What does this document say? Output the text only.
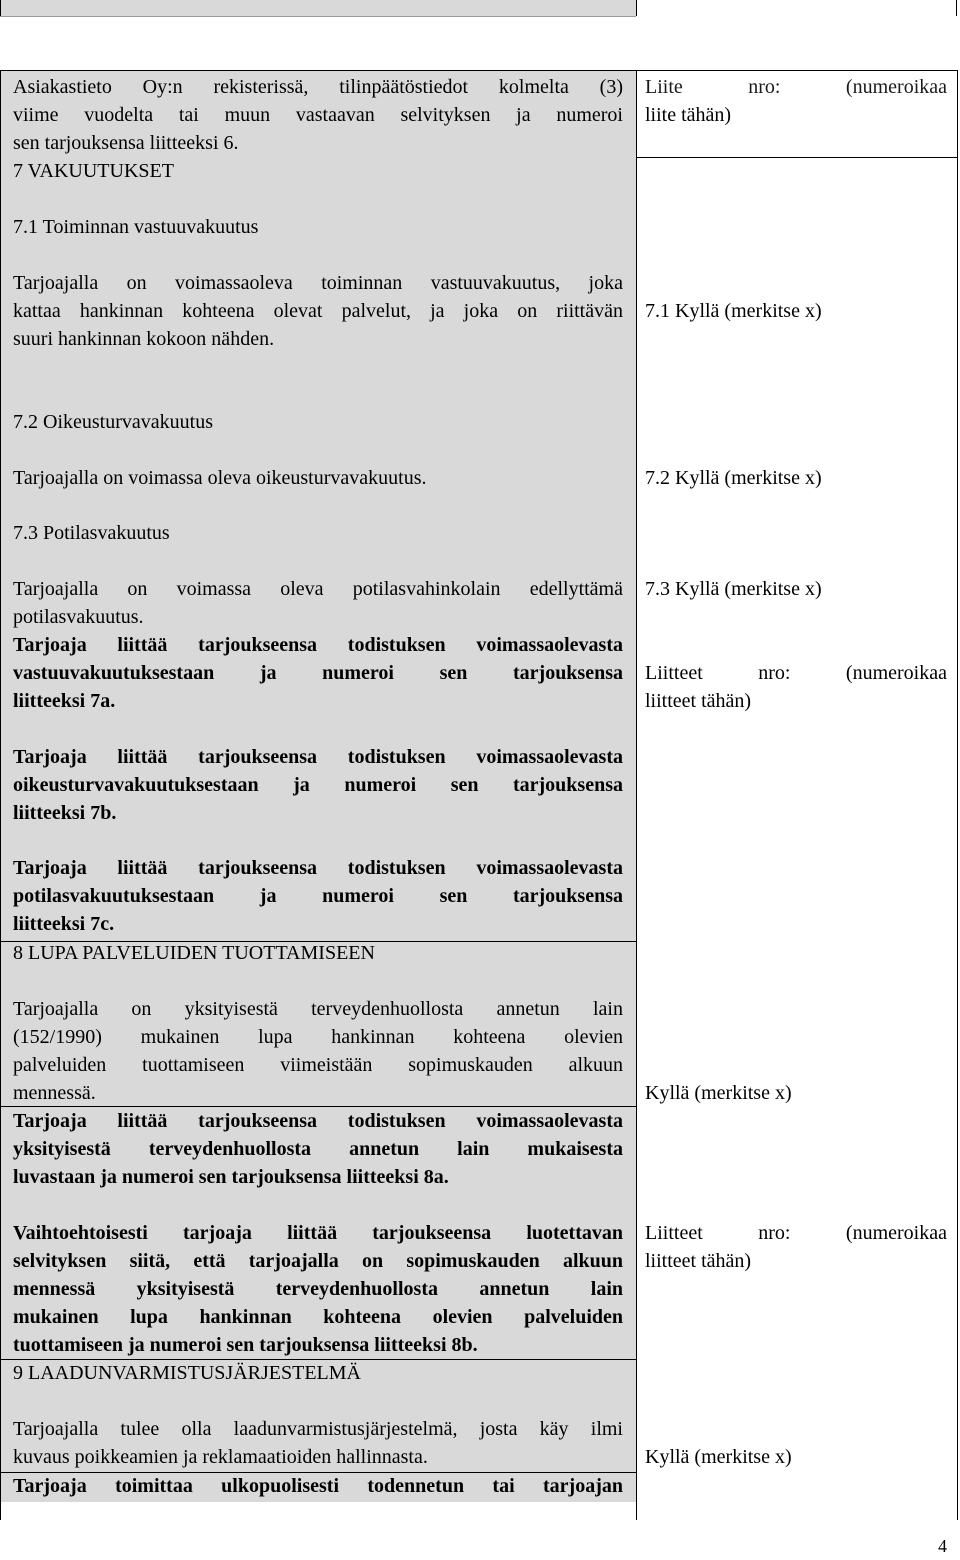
Asiakastieto Oy:n rekisterissä, tilinpäätöstiedot kolmelta (3)
viime vuodelta tai muun vastaavan selvityksen ja numeroi
sen tarjouksensa liitteeksi 6.
7 VAKUUTUKSET
7.1 Toiminnan vastuuvakuutus
Tarjoajalla on voimassaoleva toiminnan vastuuvakuutus, joka
kattaa hankinnan kohteena olevat palvelut, ja joka on riittävän
suuri hankinnan kokoon nähden.
7.2 Oikeusturvavakuutus
Tarjoajalla on voimassa oleva oikeusturvavakuutus.
7.3 Potilasvakuutus
Tarjoajalla on voimassa oleva potilasvahinkolain edellyttämä
potilasvakuutus.
Tarjoaja liittää tarjoukseensa todistuksen voimassaolevasta
vastuuvakuutuksestaan ja numeroi sen tarjouksensa
liitteeksi 7a.
Tarjoaja liittää tarjoukseensa todistuksen voimassaolevasta
oikeusturvavakuutuksestaan ja numeroi sen tarjouksensa
liitteeksi 7b.
Tarjoaja liittää tarjoukseensa todistuksen voimassaolevasta
potilasvakuutuksestaan ja numeroi sen tarjouksensa
liitteeksi 7c.
8 LUPA PALVELUIDEN TUOTTAMISEEN
Tarjoajalla on yksityisestä terveydenhuollosta annetun lain
(152/1990) mukainen lupa hankinnan kohteena olevien
palveluiden tuottamiseen viimeistään sopimuskauden alkuun
mennessä.
Tarjoaja liittää tarjoukseensa todistuksen voimassaolevasta
yksityisestä terveydenhuollosta annetun lain mukaisesta
luvastaan ja numeroi sen tarjouksensa liitteeksi 8a.
Vaihtoehtoisesti tarjoaja liittää tarjoukseensa luotettavan
selvityksen siitä, että tarjoajalla on sopimuskauden alkuun
mennessä yksityisestä terveydenhuollosta annetun lain
mukainen lupa hankinnan kohteena olevien palveluiden
tuottamiseen ja numeroi sen tarjouksensa liitteeksi 8b.
9 LAADUNVARMISTUSJÄRJESTELMÄ
Tarjoajalla tulee olla laadunvarmistusjärjestelmä, josta käy ilmi
kuvaus poikkeamien ja reklamaatioiden hallinnasta.
Tarjoaja toimittaa ulkopuolisesti todennetun tai tarjoajan
Liite nro: (numeroikaa
liite tähän)
7.1 Kyllä (merkitse x)
7.2 Kyllä (merkitse x)
7.3 Kyllä (merkitse x)
Liitteet nro: (numeroikaa
liitteet tähän)
Kyllä (merkitse x)
Liitteet nro: (numeroikaa
liitteet tähän)
Kyllä (merkitse x)
4
